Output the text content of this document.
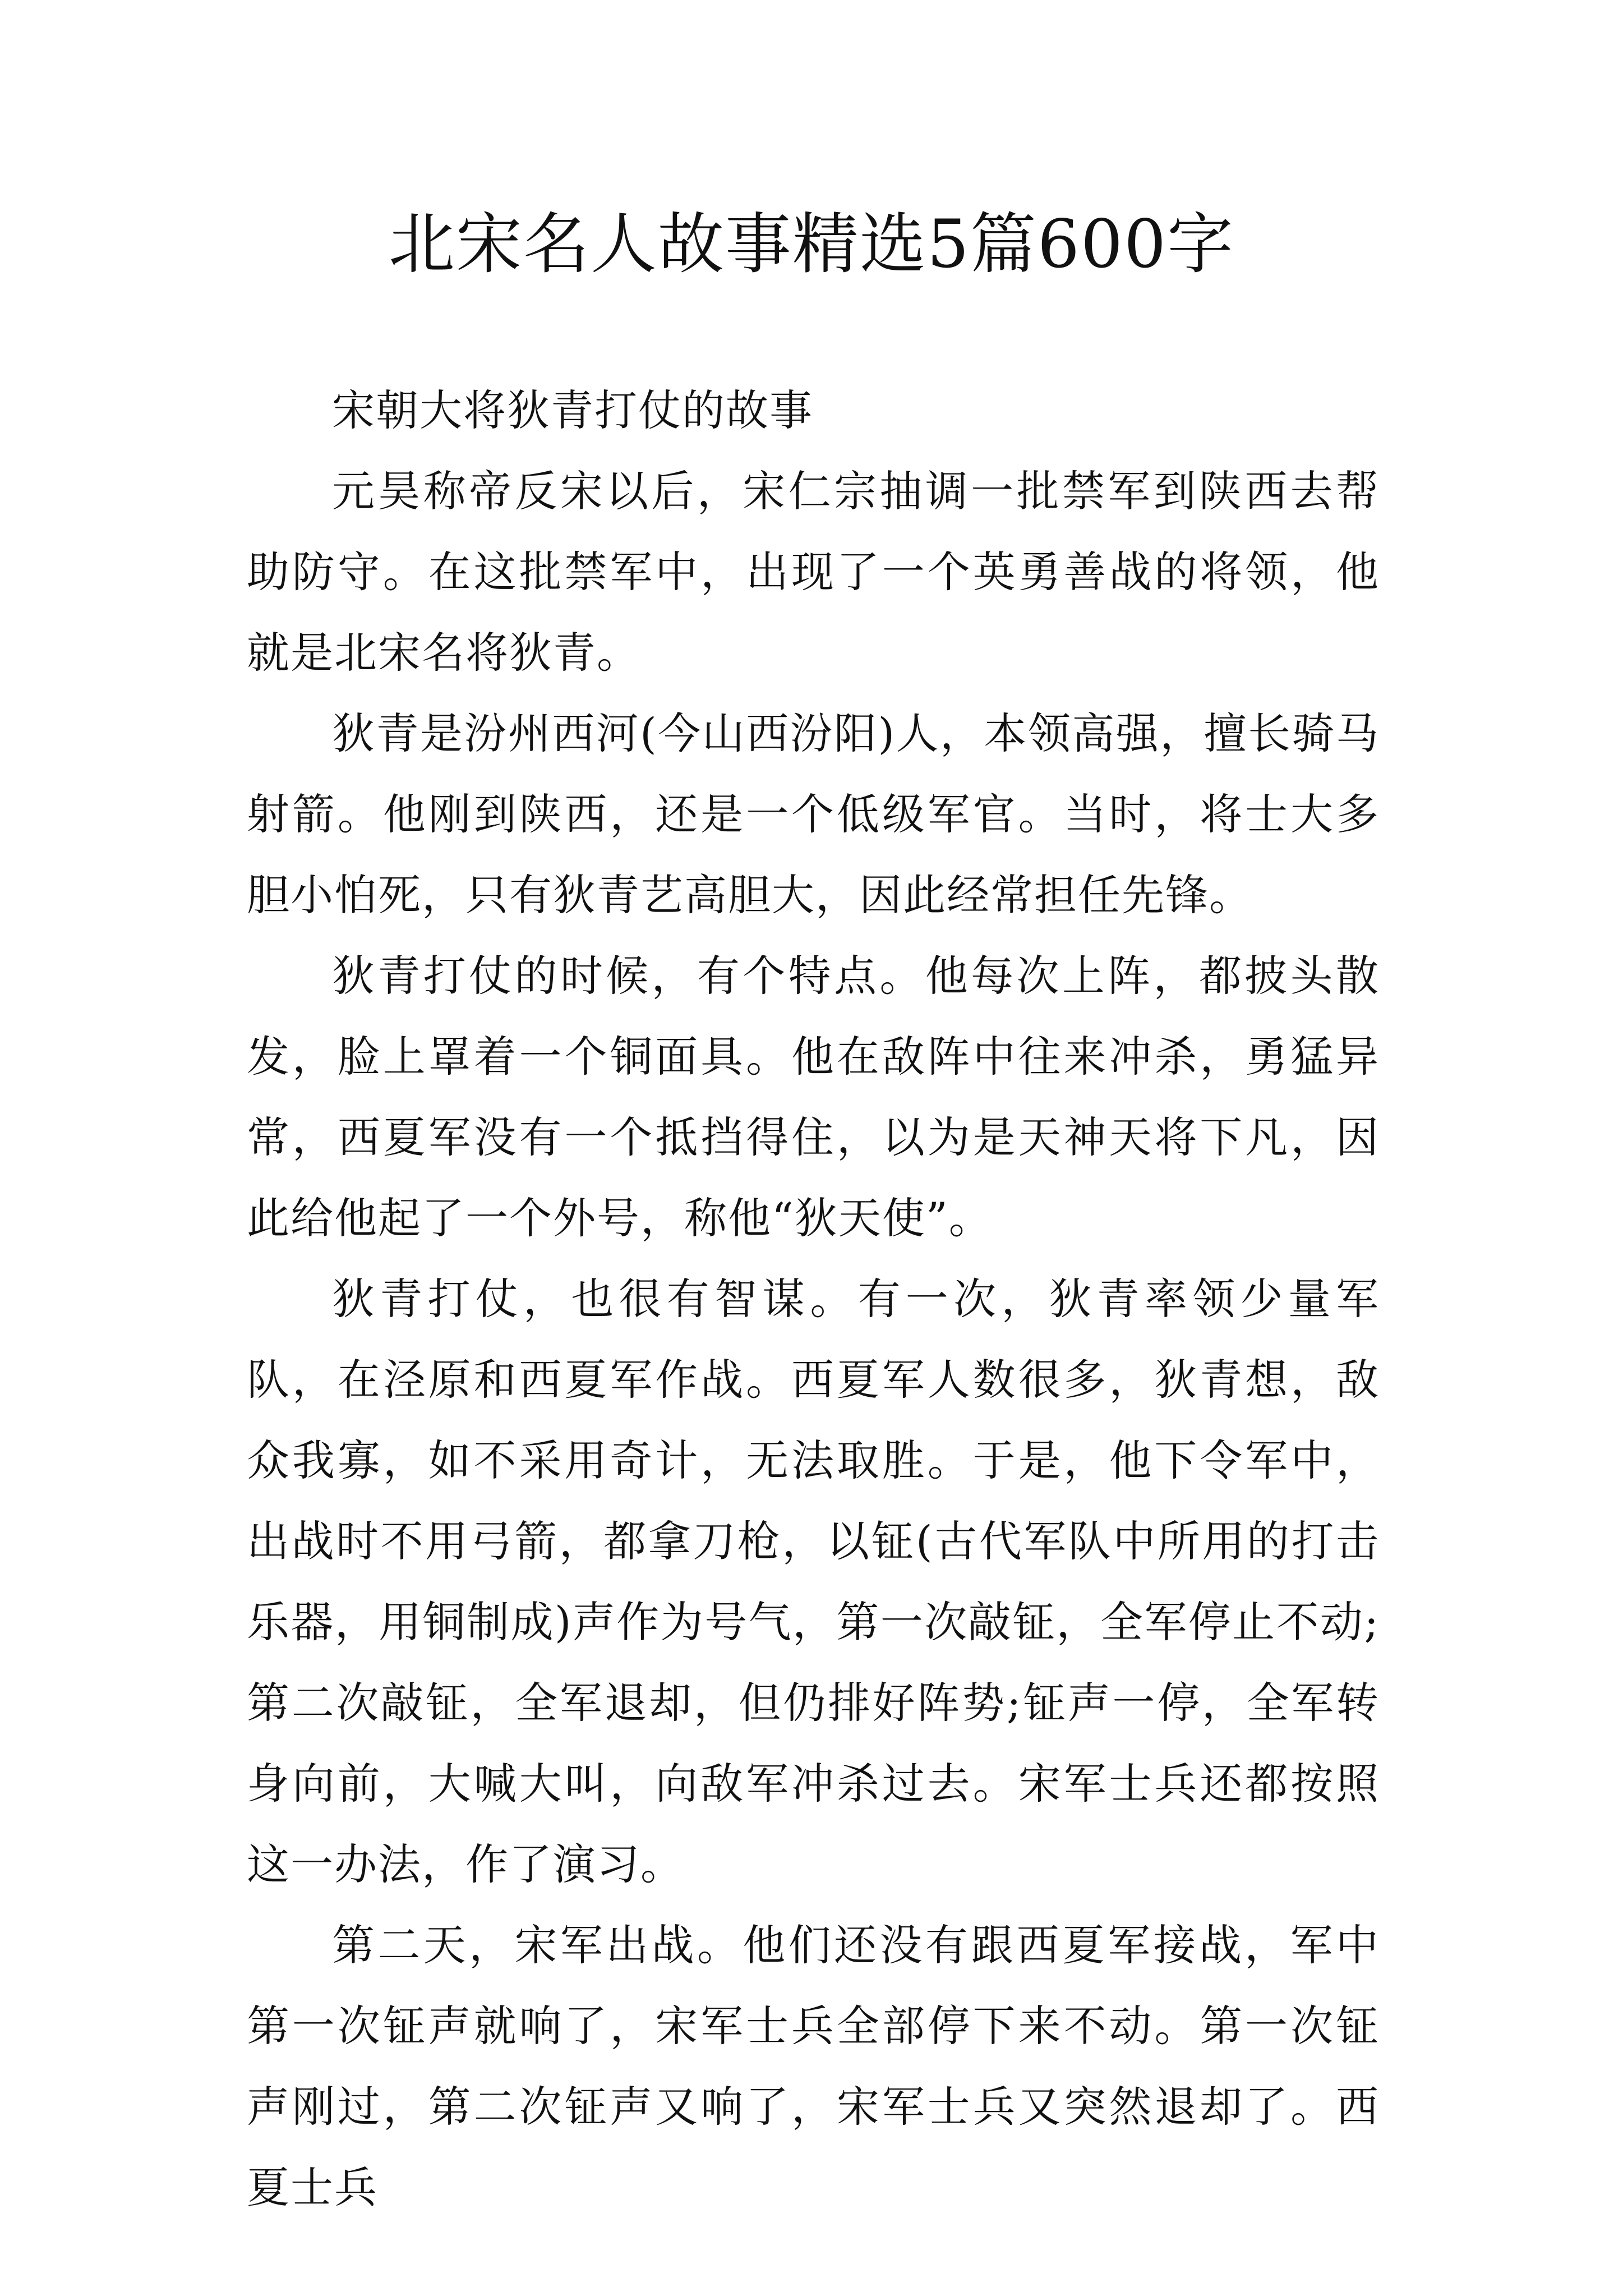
北宋名人故事精选5篇600字

宋朝大将狄青打仗的故事

元昊称帝反宋以后，宋仁宗抽调一批禁军到陕西去帮助防守。在这批禁军中，出现了一个英勇善战的将领，他就是北宋名将狄青。

狄青是汾州西河(今山西汾阳)人，本领高强，擅长骑马射箭。他刚到陕西，还是一个低级军官。当时，将士大多胆小怕死，只有狄青艺高胆大，因此经常担任先锋。

狄青打仗的时候，有个特点。他每次上阵，都披头散发，脸上罩着一个铜面具。他在敌阵中往来冲杀，勇猛异常，西夏军没有一个抵挡得住，以为是天神天将下凡，因此给他起了一个外号，称他“狄天使”。

狄青打仗，也很有智谋。有一次，狄青率领少量军队，在泾原和西夏军作战。西夏军人数很多，狄青想，敌众我寡，如不采用奇计，无法取胜。于是，他下令军中，出战时不用弓箭，都拿刀枪，以钲(古代军队中所用的打击乐器，用铜制成)声作为号气，第一次敲钲，全军停止不动;第二次敲钲，全军退却，但仍排好阵势;钲声一停，全军转身向前，大喊大叫，向敌军冲杀过去。宋军士兵还都按照这一办法，作了演习。

第二天，宋军出战。他们还没有跟西夏军接战，军中第一次钲声就响了，宋军士兵全部停下来不动。第一次钲声刚过，第二次钲声又响了，宋军士兵又突然退却了。西夏士兵
